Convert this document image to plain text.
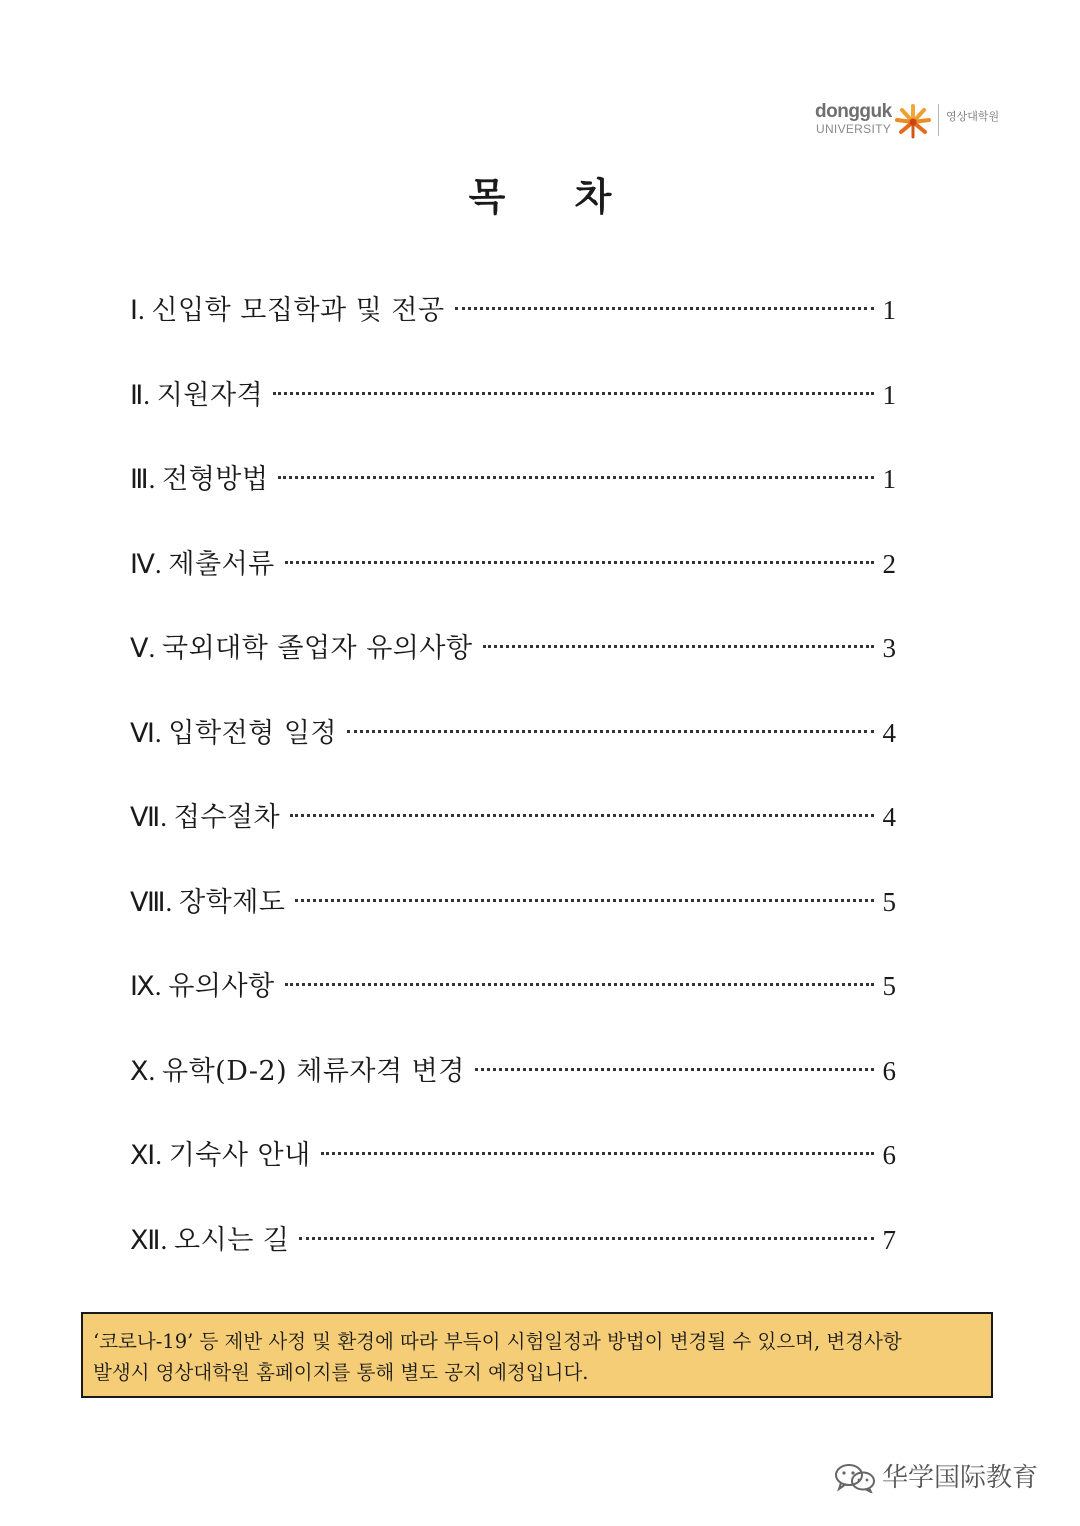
dongguk
UNIVERSITY
영상대학원
목 차
Ⅰ. 신입학 모집학과 및 전공	1
Ⅱ. 지원자격	1
Ⅲ. 전형방법	1
Ⅳ. 제출서류	2
Ⅴ. 국외대학 졸업자 유의사항	3
Ⅵ. 입학전형 일정	4
Ⅶ. 접수절차	4
Ⅷ. 장학제도	5
Ⅸ. 유의사항	5
Ⅹ. 유학(D-2) 체류자격 변경	6
Ⅺ. 기숙사 안내	6
Ⅻ. 오시는 길	7

‘코로나-19’ 등 제반 사정 및 환경에 따라 부득이 시험일정과 방법이 변경될 수 있으며, 변경사항

발생시 영상대학원 홈페이지를 통해 별도 공지 예정입니다.

华学国际教育
